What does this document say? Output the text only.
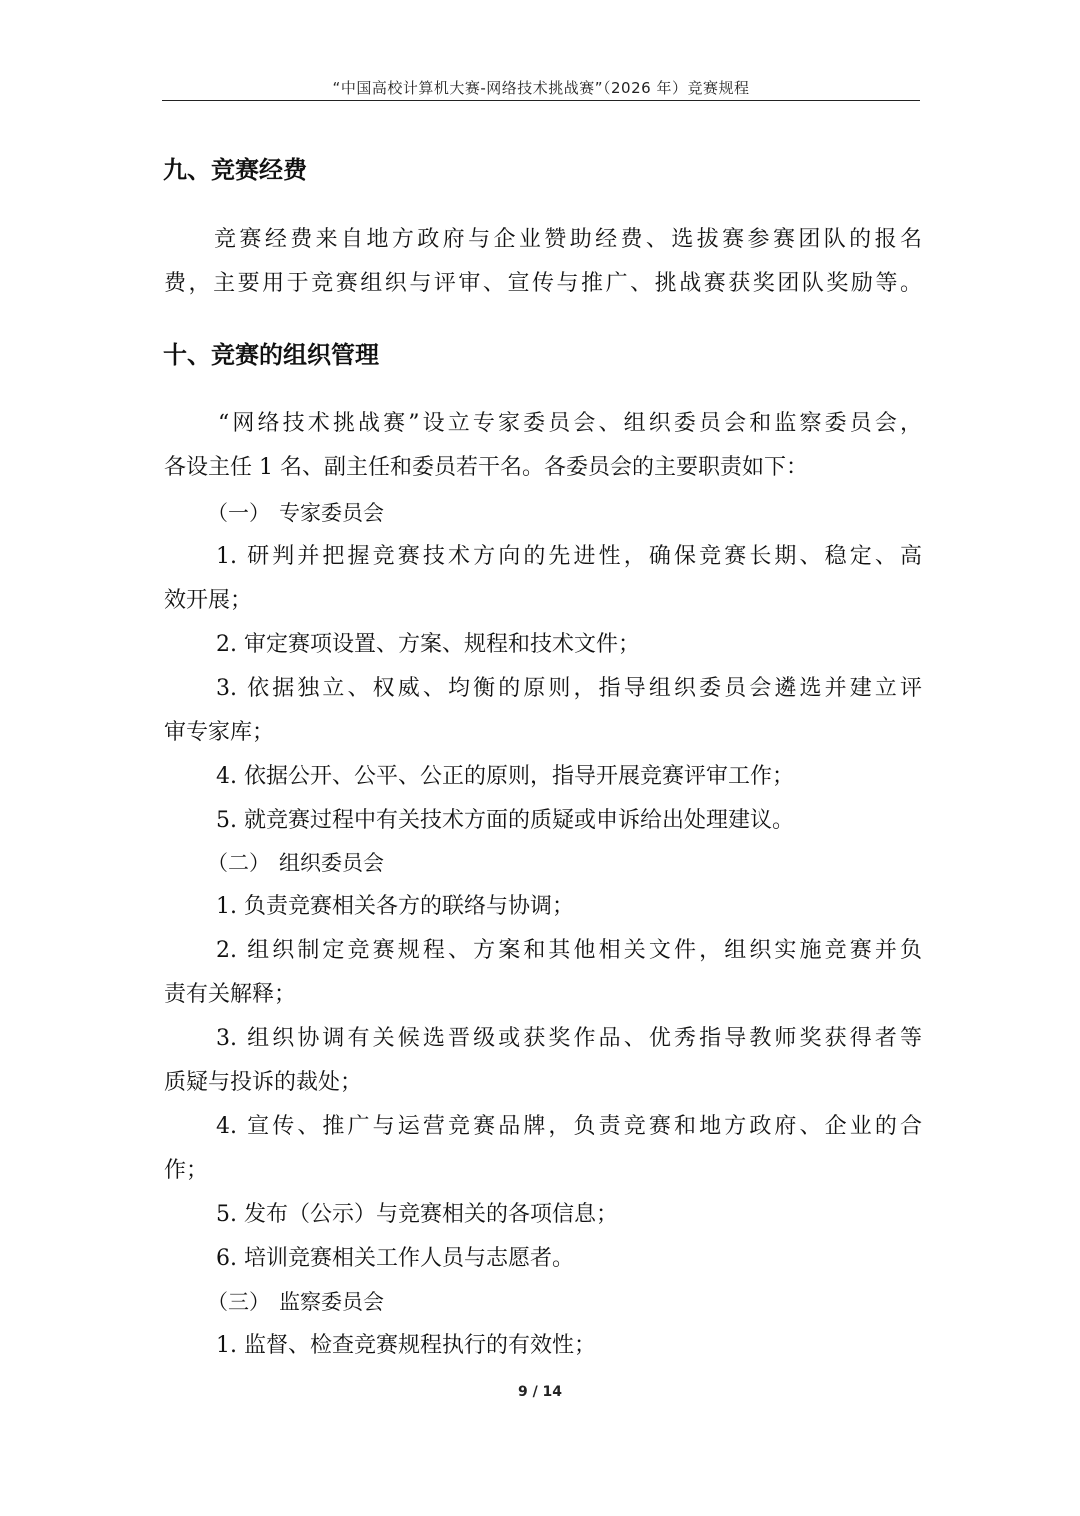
“中国高校计算机大赛-网络技术挑战赛”（2026 年）竞赛规程
九、竞赛经费
竞赛经费来自地方政府与企业赞助经费、选拔赛参赛团队的报名
费，主要用于竞赛组织与评审、宣传与推广、挑战赛获奖团队奖励等。
十、竞赛的组织管理
“网络技术挑战赛”设立专家委员会、组织委员会和监察委员会，
各设主任 1 名、副主任和委员若干名。各委员会的主要职责如下：
（一） 专家委员会
1. 研判并把握竞赛技术方向的先进性，确保竞赛长期、稳定、高
效开展；
2. 审定赛项设置、方案、规程和技术文件；
3. 依据独立、权威、均衡的原则，指导组织委员会遴选并建立评
审专家库；
4. 依据公开、公平、公正的原则，指导开展竞赛评审工作；
5. 就竞赛过程中有关技术方面的质疑或申诉给出处理建议。
（二） 组织委员会
1. 负责竞赛相关各方的联络与协调；
2. 组织制定竞赛规程、方案和其他相关文件，组织实施竞赛并负
责有关解释；
3. 组织协调有关候选晋级或获奖作品、优秀指导教师奖获得者等
质疑与投诉的裁处；
4. 宣传、推广与运营竞赛品牌，负责竞赛和地方政府、企业的合
作；
5. 发布（公示）与竞赛相关的各项信息；
6. 培训竞赛相关工作人员与志愿者。
（三） 监察委员会
1. 监督、检查竞赛规程执行的有效性；
9 / 14
